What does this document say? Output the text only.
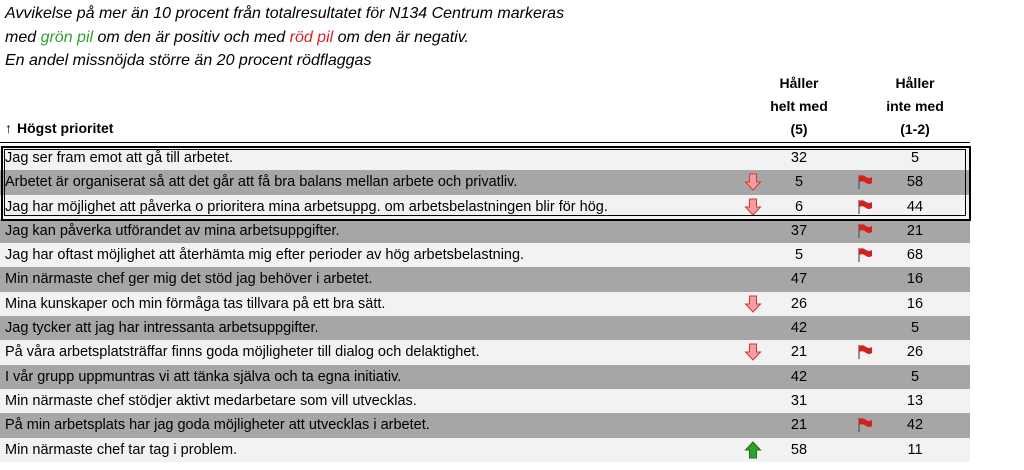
Avvikelse på mer än 10 procent från totalresultatet för N134 Centrum markeras
med grön pil om den är positiv och med röd pil om den är negativ.
En andel missnöjda större än 20 procent rödflaggas
Håller
helt med
(5)
Håller
inte med
(1-2)
↑ Högst prioritet
Jag ser fram emot att gå till arbetet.	32	5
Arbetet är organiserat så att det går att få bra balans mellan arbete och privatliv.	5	58
Jag har möjlighet att påverka o prioritera mina arbetsuppg. om arbetsbelastningen blir för hög.	6	44
Jag kan påverka utförandet av mina arbetsuppgifter.	37	21
Jag har oftast möjlighet att återhämta mig efter perioder av hög arbetsbelastning.	5	68
Min närmaste chef ger mig det stöd jag behöver i arbetet.	47	16
Mina kunskaper och min förmåga tas tillvara på ett bra sätt.	26	16
Jag tycker att jag har intressanta arbetsuppgifter.	42	5
På våra arbetsplatsträffar finns goda möjligheter till dialog och delaktighet.	21	26
I vår grupp uppmuntras vi att tänka själva och ta egna initiativ.	42	5
Min närmaste chef stödjer aktivt medarbetare som vill utvecklas.	31	13
På min arbetsplats har jag goda möjligheter att utvecklas i arbetet.	21	42
Min närmaste chef tar tag i problem.	58	11
